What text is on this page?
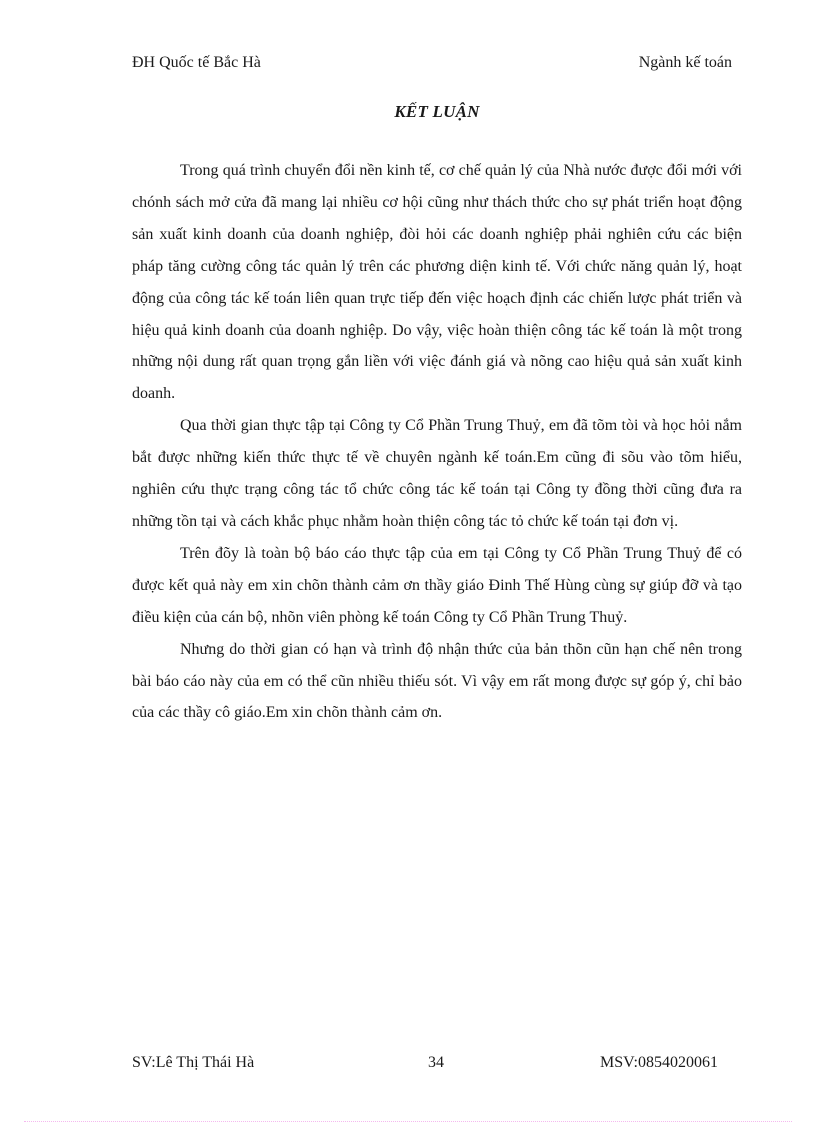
ĐH Quốc tế Bắc Hà	Ngành kế toán
KẾT LUẬN

Trong quá trình chuyển đổi nền kinh tế, cơ chế quản lý của Nhà nước được đổi mới với chónh sách mở cửa đã mang lại nhiều cơ hội cũng như thách thức cho sự phát triển hoạt động sản xuất kinh doanh của doanh nghiệp, đòi hỏi các doanh nghiệp phải nghiên cứu các biện pháp tăng cường công tác quản lý trên các phương diện kinh tế. Với chức năng quản lý, hoạt động của công tác kế toán liên quan trực tiếp đến việc hoạch định các chiến lược phát triển và hiệu quả kinh doanh của doanh nghiệp. Do vậy, việc hoàn thiện công tác kế toán là một trong những nội dung rất quan trọng gắn liền với việc đánh giá và nõng cao hiệu quả sản xuất kinh doanh.

Qua thời gian thực tập tại Công ty Cổ Phần Trung Thuỷ, em đã tõm tòi và học hỏi nắm bắt được những kiến thức thực tế về chuyên ngành kế toán.Em cũng đi sõu vào tõm hiểu, nghiên cứu thực trạng công tác tổ chức công tác kế toán tại Công ty đồng thời cũng đưa ra những tồn tại và cách khắc phục nhằm hoàn thiện công tác tỏ chức kế toán tại đơn vị.

Trên đõy là toàn bộ báo cáo thực tập của em tại Công ty Cổ Phần Trung Thuỷ để có được kết quả này em xin chõn thành cảm ơn thầy giáo Đinh Thế Hùng cùng sự giúp đỡ và tạo điều kiện của cán bộ, nhõn viên phòng kế toán Công ty Cổ Phần Trung Thuỷ.

Nhưng do thời gian có hạn và trình độ nhận thức của bản thõn cũn hạn chế nên trong bài báo cáo này của em có thể cũn nhiều thiếu sót. Vì vậy em rất mong được sự góp ý, chỉ bảo của các thầy cô giáo.Em xin chõn thành cảm ơn.

SV:Lê Thị Thái Hà	34	MSV:0854020061
